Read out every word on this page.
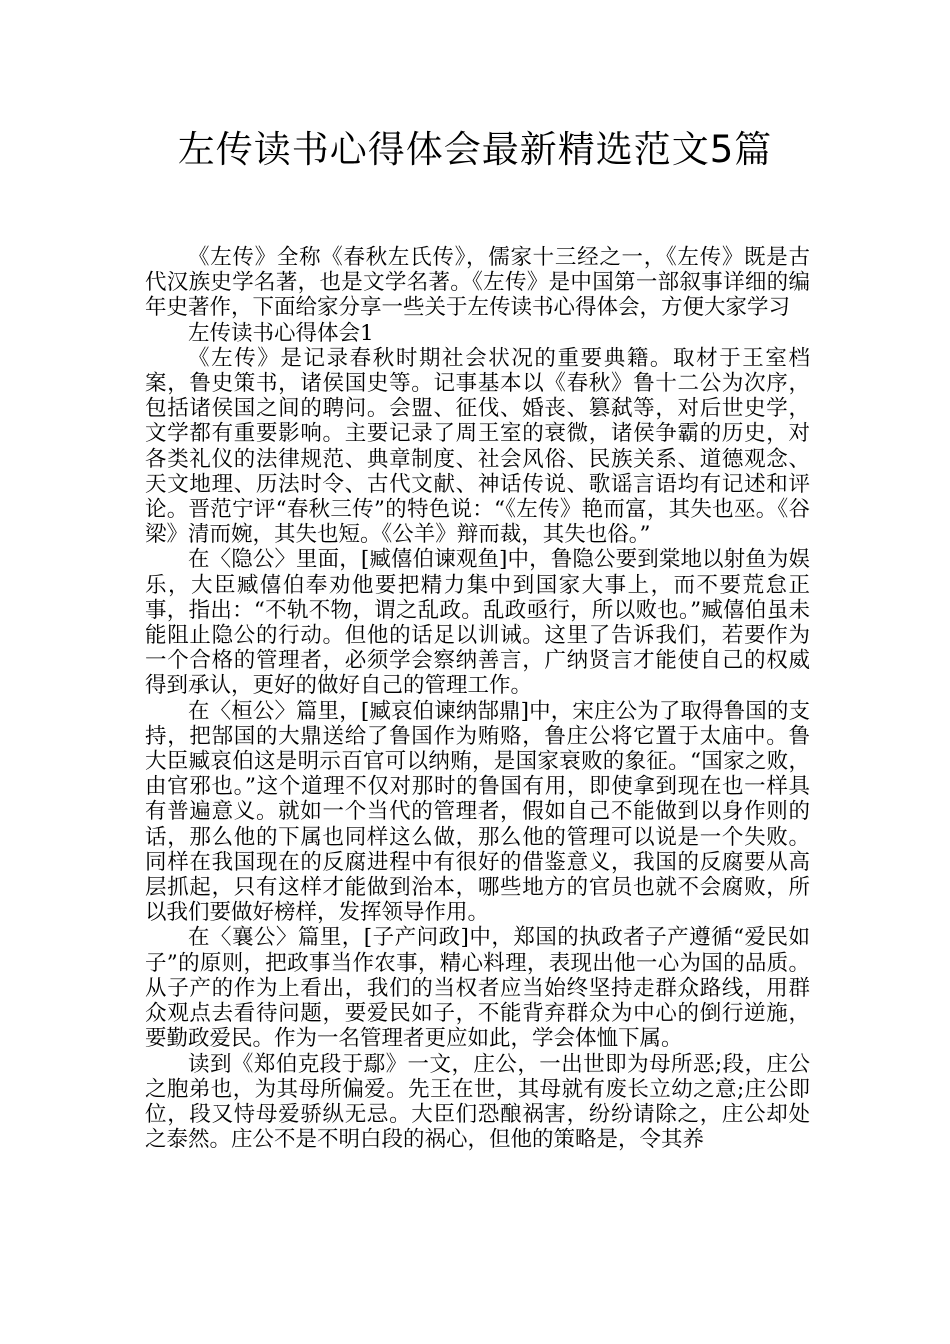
左传读书心得体会最新精选范文5篇

《左传》全称《春秋左氏传》，儒家十三经之一，《左传》既是古代汉族史学名著，也是文学名著。《左传》是中国第一部叙事详细的编年史著作，下面给家分享一些关于左传读书心得体会，方便大家学习

左传读书心得体会1

《左传》是记录春秋时期社会状况的重要典籍。取材于王室档案，鲁史策书，诸侯国史等。记事基本以《春秋》鲁十二公为次序，包括诸侯国之间的聘问。会盟、征伐、婚丧、篡弑等，对后世史学，文学都有重要影响。主要记录了周王室的衰微，诸侯争霸的历史，对各类礼仪的法律规范、典章制度、社会风俗、民族关系、道德观念、天文地理、历法时令、古代文献、神话传说、歌谣言语均有记述和评论。晋范宁评“春秋三传”的特色说：“《左传》艳而富，其失也巫。《谷梁》清而婉，其失也短。《公羊》辩而裁，其失也俗。”

在〈隐公〉里面，[臧僖伯谏观鱼]中，鲁隐公要到棠地以射鱼为娱乐，大臣臧僖伯奉劝他要把精力集中到国家大事上，而不要荒怠正事，指出：“不轨不物，谓之乱政。乱政亟行，所以败也。”臧僖伯虽未能阻止隐公的行动。但他的话足以训诫。这里了告诉我们，若要作为一个合格的管理者，必须学会察纳善言，广纳贤言才能使自己的权威得到承认，更好的做好自己的管理工作。

在〈桓公〉篇里，[臧哀伯谏纳郜鼎]中，宋庄公为了取得鲁国的支持，把郜国的大鼎送给了鲁国作为贿赂，鲁庄公将它置于太庙中。鲁大臣臧哀伯这是明示百官可以纳贿，是国家衰败的象征。“国家之败，由官邪也。”这个道理不仅对那时的鲁国有用，即使拿到现在也一样具有普遍意义。就如一个当代的管理者，假如自己不能做到以身作则的话，那么他的下属也同样这么做，那么他的管理可以说是一个失败。同样在我国现在的反腐进程中有很好的借鉴意义，我国的反腐要从高层抓起，只有这样才能做到治本，哪些地方的官员也就不会腐败，所以我们要做好榜样，发挥领导作用。

在〈襄公〉篇里，[子产问政]中，郑国的执政者子产遵循“爱民如子”的原则，把政事当作农事，精心料理，表现出他一心为国的品质。从子产的作为上看出，我们的当权者应当始终坚持走群众路线，用群众观点去看待问题，要爱民如子，不能背弃群众为中心的倒行逆施，要勤政爱民。作为一名管理者更应如此，学会体恤下属。

读到《郑伯克段于鄢》一文，庄公，一出世即为母所恶;段，庄公之胞弟也，为其母所偏爱。先王在世，其母就有废长立幼之意;庄公即位，段又恃母爱骄纵无忌。大臣们恐酿祸害，纷纷请除之，庄公却处之泰然。庄公不是不明白段的祸心，但他的策略是，令其养
